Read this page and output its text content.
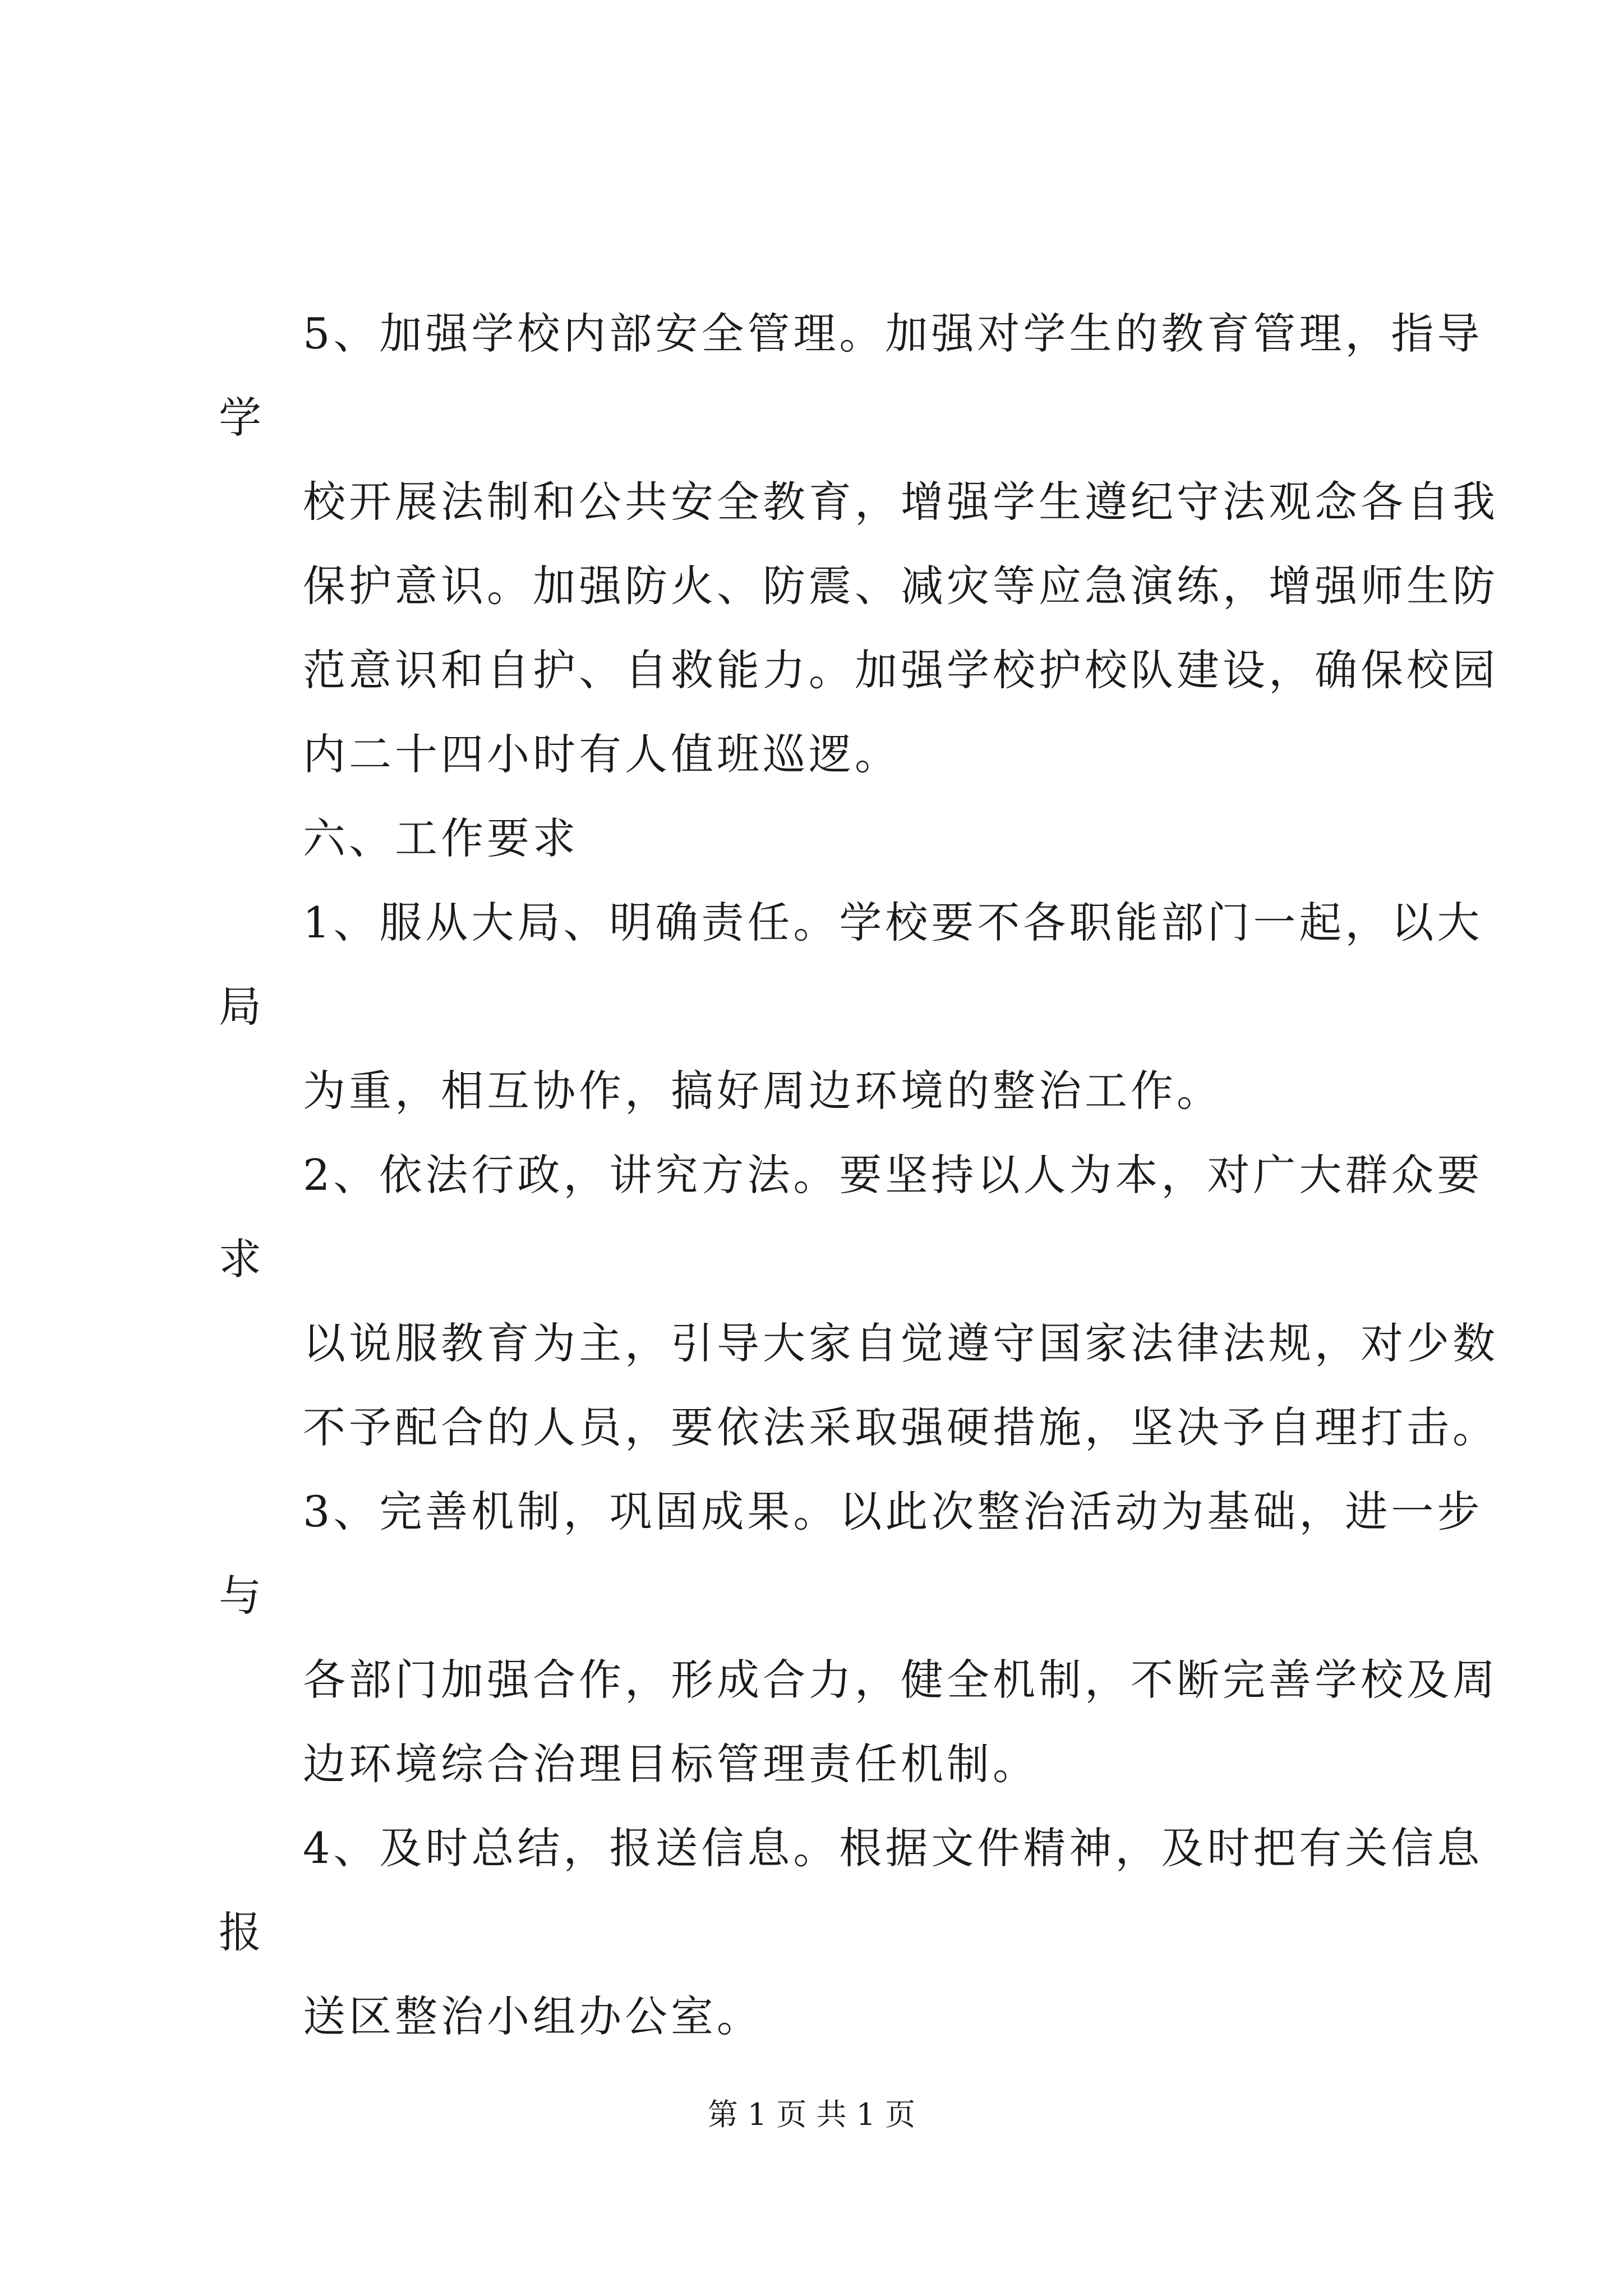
5、加强学校内部安全管理。加强对学生的教育管理，指导
学
校开展法制和公共安全教育，增强学生遵纪守法观念各自我
保护意识。加强防火、防震、减灾等应急演练，增强师生防
范意识和自护、自救能力。加强学校护校队建设，确保校园
内二十四小时有人值班巡逻。
六、工作要求
1、服从大局、明确责任。学校要不各职能部门一起，以大
局
为重，相互协作，搞好周边环境的整治工作。
2、依法行政，讲究方法。要坚持以人为本，对广大群众要
求
以说服教育为主，引导大家自觉遵守国家法律法规，对少数
不予配合的人员，要依法采取强硬措施，坚决予自理打击。
3、完善机制，巩固成果。以此次整治活动为基础，进一步
与
各部门加强合作，形成合力，健全机制，不断完善学校及周
边环境综合治理目标管理责任机制。
4、及时总结，报送信息。根据文件精神，及时把有关信息
报
送区整治小组办公室。
第 1 页 共 1 页
